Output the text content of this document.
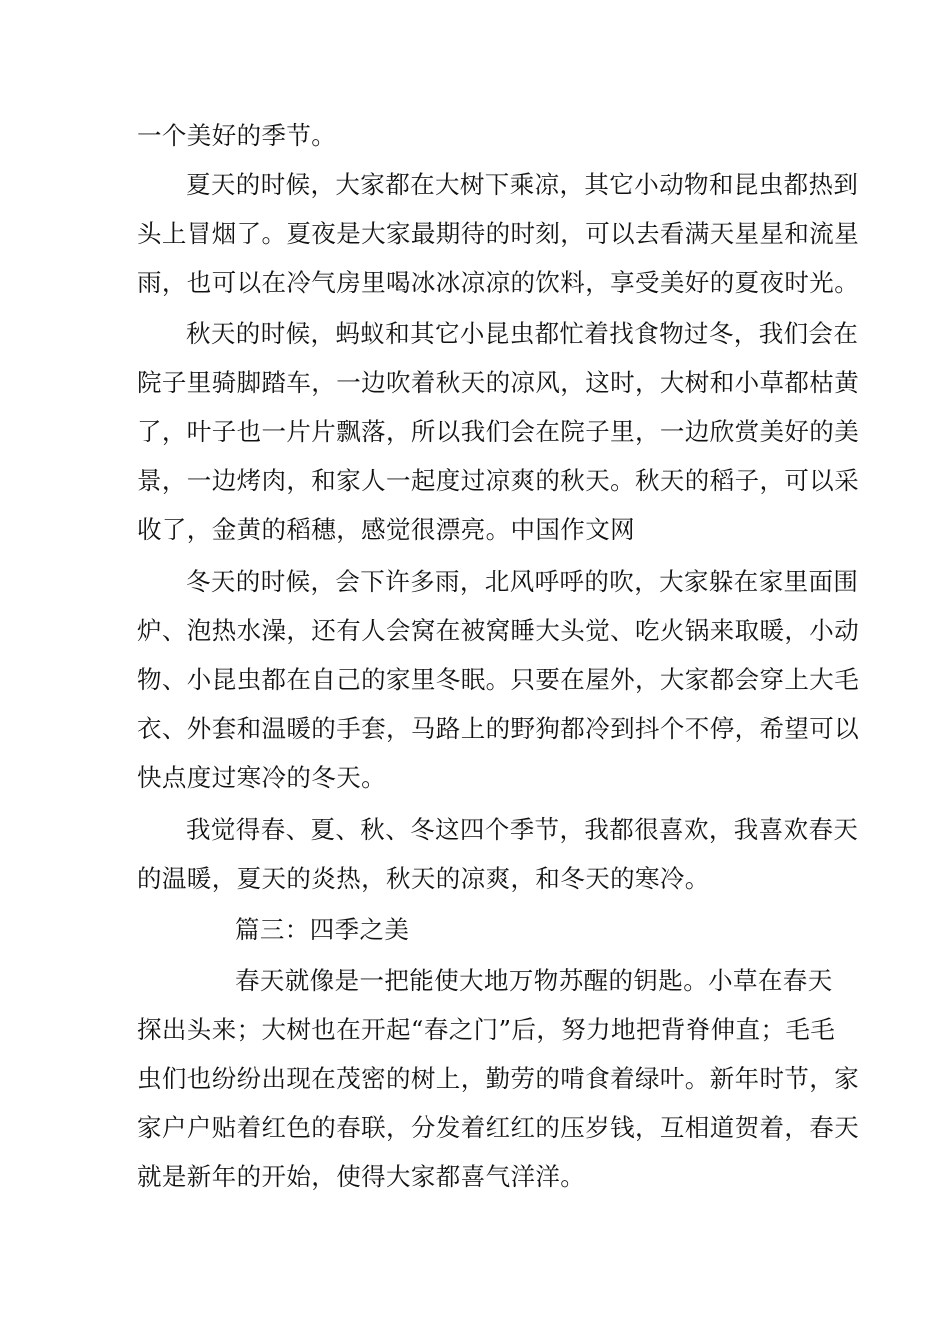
一个美好的季节。
夏天的时候，大家都在大树下乘凉，其它小动物和昆虫都热到
头上冒烟了。夏夜是大家最期待的时刻，可以去看满天星星和流星
雨，也可以在冷气房里喝冰冰凉凉的饮料，享受美好的夏夜时光。
秋天的时候，蚂蚁和其它小昆虫都忙着找食物过冬，我们会在
院子里骑脚踏车，一边吹着秋天的凉风，这时，大树和小草都枯黄
了，叶子也一片片飘落，所以我们会在院子里，一边欣赏美好的美
景，一边烤肉，和家人一起度过凉爽的秋天。秋天的稻子，可以采
收了，金黄的稻穗，感觉很漂亮。中国作文网
冬天的时候，会下许多雨，北风呼呼的吹，大家躲在家里面围
炉、泡热水澡，还有人会窝在被窝睡大头觉、吃火锅来取暖，小动
物、小昆虫都在自己的家里冬眠。只要在屋外，大家都会穿上大毛
衣、外套和温暖的手套，马路上的野狗都冷到抖个不停，希望可以
快点度过寒冷的冬天。
我觉得春、夏、秋、冬这四个季节，我都很喜欢，我喜欢春天
的温暖，夏天的炎热，秋天的凉爽，和冬天的寒冷。
篇三：四季之美
春天就像是一把能使大地万物苏醒的钥匙。小草在春天
探出头来；大树也在开起“春之门”后，努力地把背脊伸直；毛毛
虫们也纷纷出现在茂密的树上，勤劳的啃食着绿叶。新年时节，家
家户户贴着红色的春联，分发着红红的压岁钱，互相道贺着，春天
就是新年的开始，使得大家都喜气洋洋。
